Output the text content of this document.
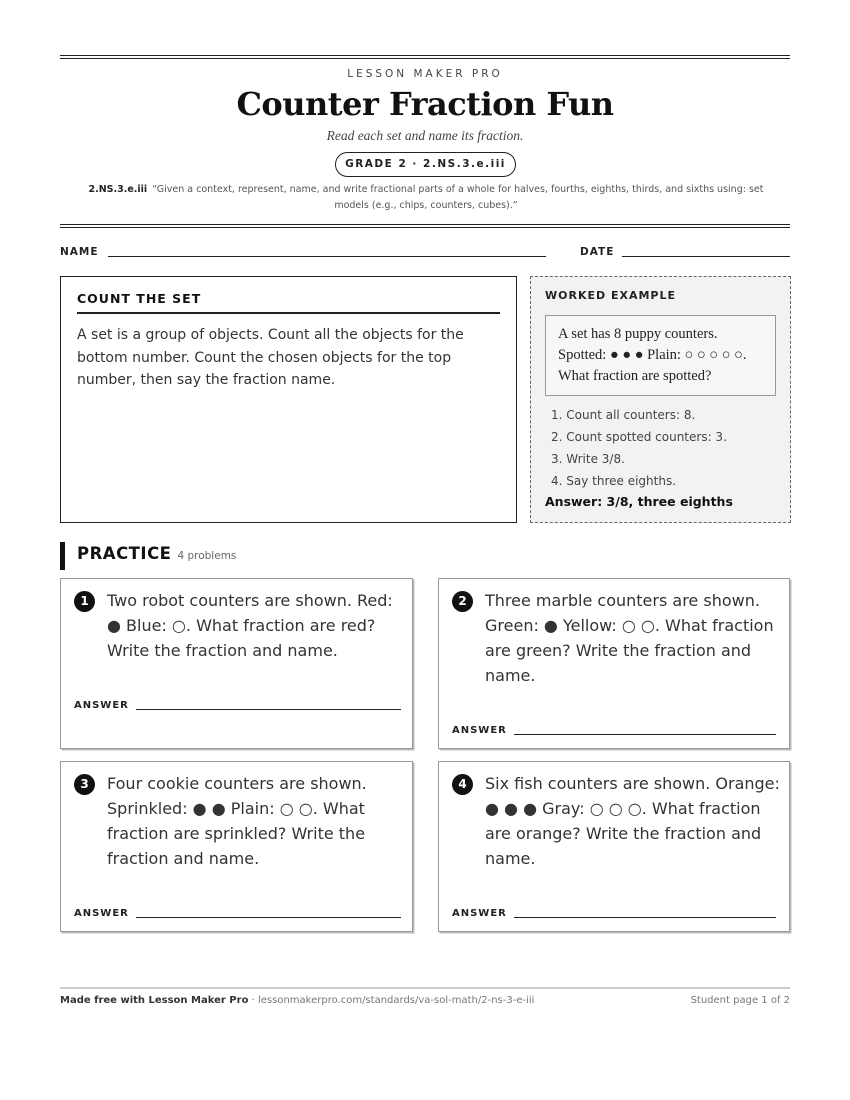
LESSON MAKER PRO
Counter Fraction Fun
Read each set and name its fraction.
GRADE 2 · 2.NS.3.e.iii
2.NS.3.e.iii “Given a context, represent, name, and write fractional parts of a whole for halves, fourths, eighths, thirds, and sixths using: set models (e.g., chips, counters, cubes).”
NAME	DATE
COUNT THE SET
A set is a group of objects. Count all the objects for the bottom number. Count the chosen objects for the top number, then say the fraction name.
WORKED EXAMPLE
A set has 8 puppy counters.
Spotted: ● ● ● Plain: ○ ○ ○ ○ ○.
What fraction are spotted?
1. Count all counters: 8.
2. Count spotted counters: 3.
3. Write 3/8.
4. Say three eighths.
Answer: 3/8, three eighths
PRACTICE 4 problems
1	Two robot counters are shown. Red: ● Blue: ○. What fraction are red? Write the fraction and name.
ANSWER
2	Three marble counters are shown. Green: ● Yellow: ○ ○. What fraction are green? Write the fraction and name.
ANSWER
3	Four cookie counters are shown. Sprinkled: ● ● Plain: ○ ○. What fraction are sprinkled? Write the fraction and name.
ANSWER
4	Six fish counters are shown. Orange: ● ● ● Gray: ○ ○ ○. What fraction are orange? Write the fraction and name.
ANSWER
Made free with Lesson Maker Pro · lessonmakerpro.com/standards/va-sol-math/2-ns-3-e-iii	Student page 1 of 2
